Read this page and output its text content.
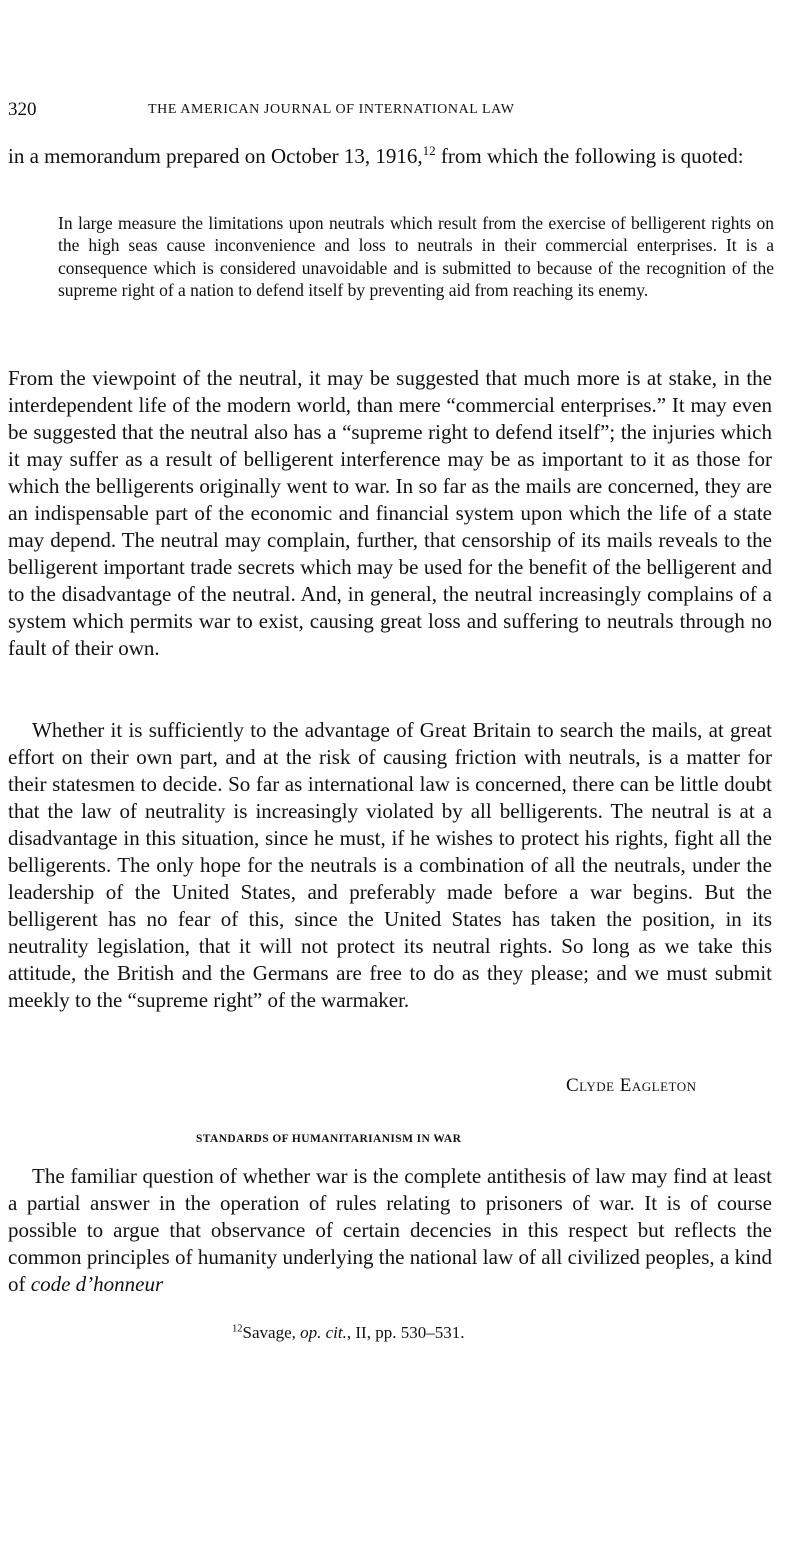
320	THE AMERICAN JOURNAL OF INTERNATIONAL LAW

in a memorandum prepared on October 13, 1916,12 from which the following is quoted:

In large measure the limitations upon neutrals which result from the exercise of belligerent rights on the high seas cause inconvenience and loss to neutrals in their commercial enterprises. It is a consequence which is considered unavoidable and is submitted to because of the recognition of the supreme right of a nation to defend itself by preventing aid from reaching its enemy.

From the viewpoint of the neutral, it may be suggested that much more is at stake, in the interdependent life of the modern world, than mere “commercial enterprises.” It may even be suggested that the neutral also has a “supreme right to defend itself”; the injuries which it may suffer as a result of belligerent interference may be as important to it as those for which the belligerents originally went to war. In so far as the mails are concerned, they are an indispensable part of the economic and financial system upon which the life of a state may depend. The neutral may complain, further, that censorship of its mails reveals to the belligerent important trade secrets which may be used for the benefit of the belligerent and to the disadvantage of the neutral. And, in general, the neutral increasingly complains of a system which permits war to exist, causing great loss and suffering to neutrals through no fault of their own.

Whether it is sufficiently to the advantage of Great Britain to search the mails, at great effort on their own part, and at the risk of causing friction with neutrals, is a matter for their statesmen to decide. So far as international law is concerned, there can be little doubt that the law of neutrality is increasingly violated by all belligerents. The neutral is at a disadvantage in this situation, since he must, if he wishes to protect his rights, fight all the belligerents. The only hope for the neutrals is a combination of all the neutrals, under the leadership of the United States, and preferably made before a war begins. But the belligerent has no fear of this, since the United States has taken the position, in its neutrality legislation, that it will not protect its neutral rights. So long as we take this attitude, the British and the Germans are free to do as they please; and we must submit meekly to the “supreme right” of the warmaker.

Clyde Eagleton
STANDARDS OF HUMANITARIANISM IN WAR

The familiar question of whether war is the complete antithesis of law may find at least a partial answer in the operation of rules relating to prisoners of war. It is of course possible to argue that observance of certain decencies in this respect but reflects the common principles of humanity underlying the national law of all civilized peoples, a kind of code d’honneur

$^{12}$Savage, op. cit., II, pp. 530–531.
